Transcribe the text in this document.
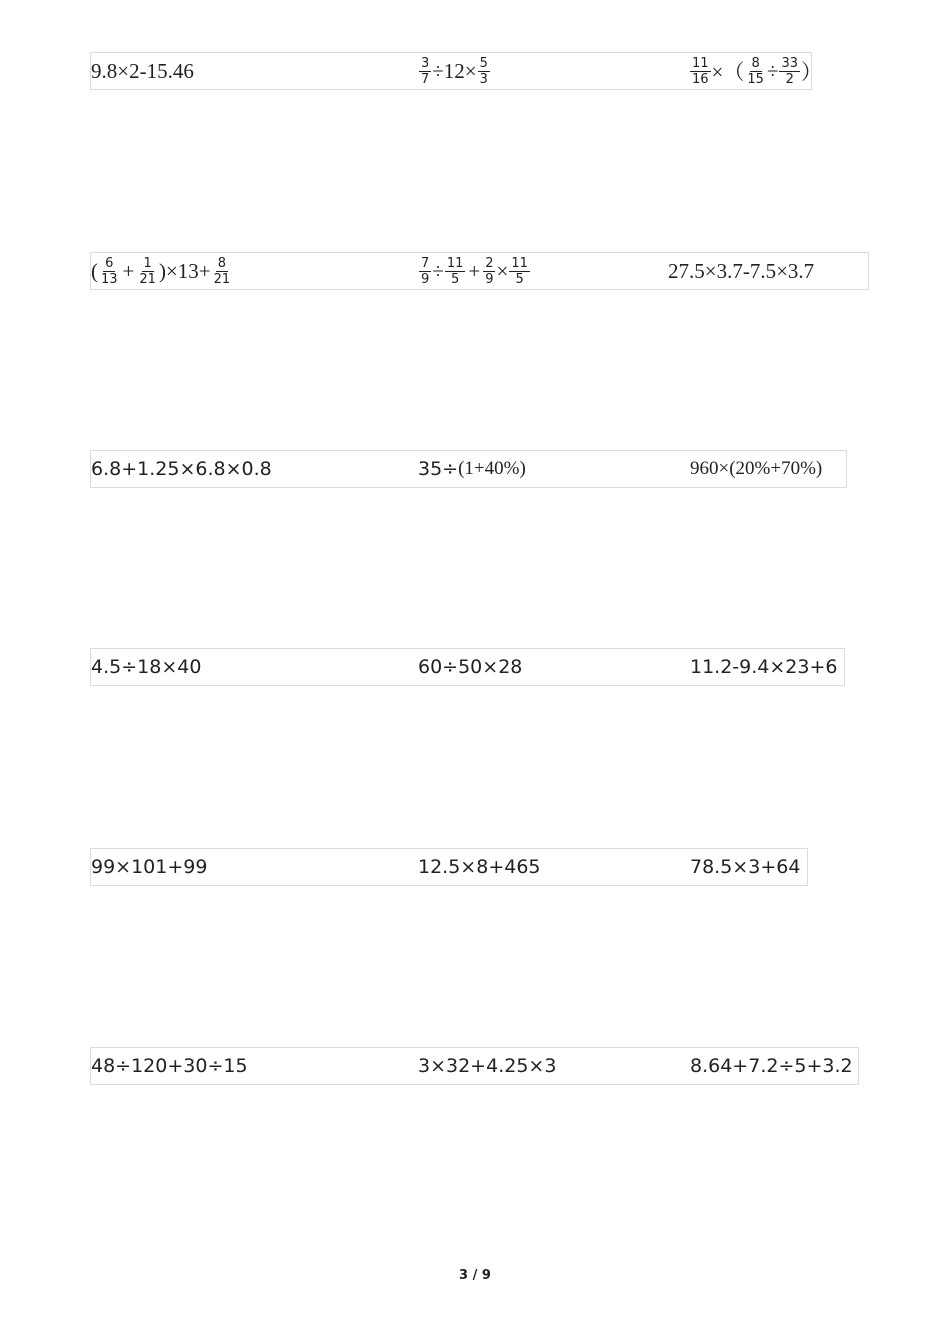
9.8×2-15.46	$\frac{3}{7} \div 12\times \frac{5}{3}$	$\frac{11}{16}$ ×（ $\frac{8}{15} \div \frac{33}{2}$ ）
( $\frac{6}{13} + \frac{1}{21} )\times 13+ \frac{8}{21}$	$\frac{7}{9} \div \frac{11}{5} + \frac{2}{9} \times \frac{11}{5}$	27.5×3.7-7.5×3.7
6.8+1.25×6.8×0.8	35÷ (1+40%)	960×(20%+70%)
4.5÷18×40	60÷50×28	11.2-9.4×23+6
99×101+99	12.5×8+465	78.5×3+64
48÷120+30÷15	3×32+4.25×3	8.64+7.2÷5+3.2
3 / 9
